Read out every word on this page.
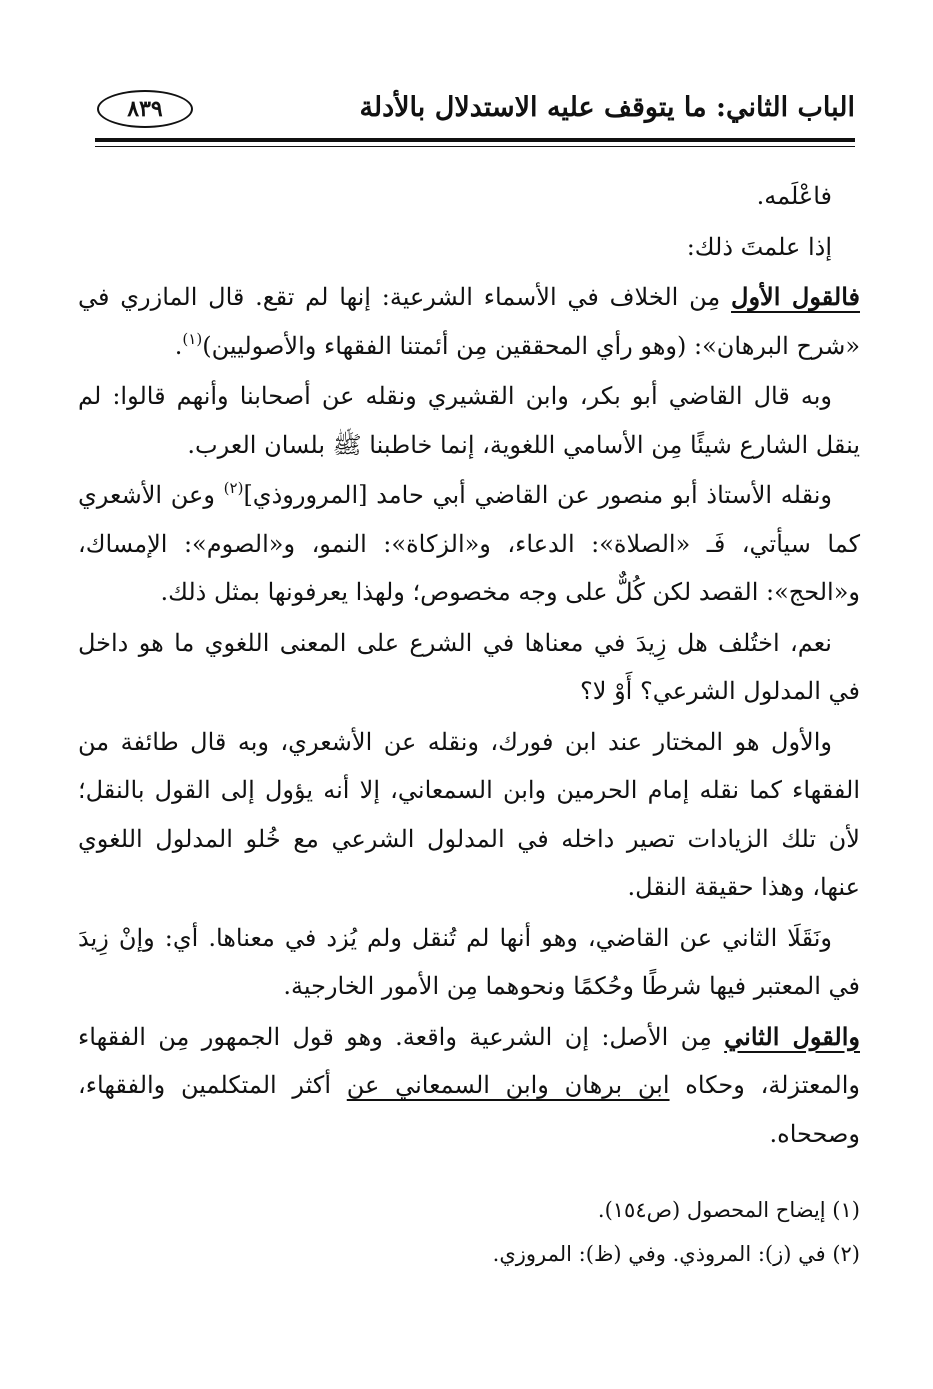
الباب الثاني: ما يتوقف عليه الاستدلال بالأدلة
٨٣٩

فاعْلَمه.

إذا علمتَ ذلك:

فالقول الأول مِن الخلاف في الأسماء الشرعية: إنها لم تقع. قال المازري في «شرح البرهان»: (وهو رأي المحققين مِن أئمتنا الفقهاء والأصوليين)$^{(١)}$.

وبه قال القاضي أبو بكر، وابن القشيري ونقله عن أصحابنا وأنهم قالوا: لم ينقل الشارع شيئًا مِن الأسامي اللغوية، إنما خاطبنا ﷺ بلسان العرب.

ونقله الأستاذ أبو منصور عن القاضي أبي حامد [المروروذي]$^{(٢)}$ وعن الأشعري كما سيأتي، فَـ «الصلاة»: الدعاء، و«الزكاة»: النمو، و«الصوم»: الإمساك، و«الحج»: القصد لكن كُلٌّ على وجه مخصوص؛ ولهذا يعرفونها بمثل ذلك.

نعم، اختُلف هل زِيدَ في معناها في الشرع على المعنى اللغوي ما هو داخل في المدلول الشرعي؟ أَوْ لا؟

والأول هو المختار عند ابن فورك، ونقله عن الأشعري، وبه قال طائفة من الفقهاء كما نقله إمام الحرمين وابن السمعاني، إلا أنه يؤول إلى القول بالنقل؛ لأن تلك الزيادات تصير داخله في المدلول الشرعي مع خُلو المدلول اللغوي عنها، وهذا حقيقة النقل.

ونَقَلَا الثاني عن القاضي، وهو أنها لم تُنقل ولم يُزد في معناها. أي: وإنْ زِيدَ في المعتبر فيها شرطًا وحُكمًا ونحوهما مِن الأمور الخارجية.

والقول الثاني مِن الأصل: إن الشرعية واقعة. وهو قول الجمهور مِن الفقهاء والمعتزلة، وحكاه ابن برهان وابن السمعاني عن أكثر المتكلمين والفقهاء، وصححاه.

(١) إيضاح المحصول (ص١٥٤).

(٢) في (ز): المروذي. وفي (ظ): المروزي.
